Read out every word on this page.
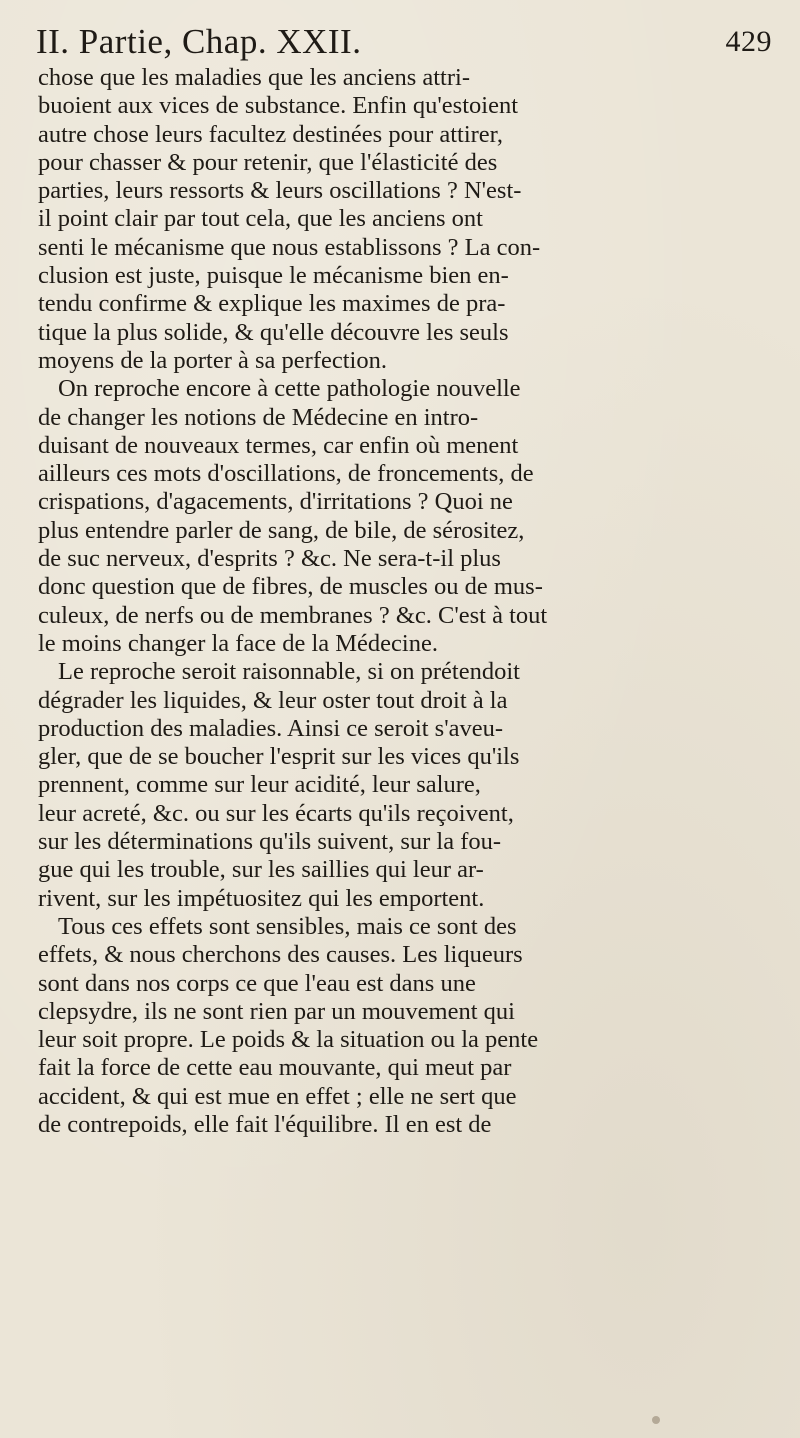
II. Partie, Chap. XXII.	429
chose que les maladies que les anciens attri-
buoient aux vices de substance. Enfin qu'estoient
autre chose leurs facultez destinées pour attirer,
pour chasser & pour retenir, que l'élasticité des
parties, leurs ressorts & leurs oscillations ? N'est-
il point clair par tout cela, que les anciens ont
senti le mécanisme que nous establissons ? La con-
clusion est juste, puisque le mécanisme bien en-
tendu confirme & explique les maximes de pra-
tique la plus solide, & qu'elle découvre les seuls
moyens de la porter à sa perfection.
On reproche encore à cette pathologie nouvelle
de changer les notions de Médecine en intro-
duisant de nouveaux termes, car enfin où menent
ailleurs ces mots d'oscillations, de froncements, de
crispations, d'agacements, d'irritations ? Quoi ne
plus entendre parler de sang, de bile, de sérositez,
de suc nerveux, d'esprits ? &c. Ne sera-t-il plus
donc question que de fibres, de muscles ou de mus-
culeux, de nerfs ou de membranes ? &c. C'est à tout
le moins changer la face de la Médecine.
Le reproche seroit raisonnable, si on prétendoit
dégrader les liquides, & leur oster tout droit à la
production des maladies. Ainsi ce seroit s'aveu-
gler, que de se boucher l'esprit sur les vices qu'ils
prennent, comme sur leur acidité, leur salure,
leur acreté, &c. ou sur les écarts qu'ils reçoivent,
sur les déterminations qu'ils suivent, sur la fou-
gue qui les trouble, sur les saillies qui leur ar-
rivent, sur les impétuositez qui les emportent.
Tous ces effets sont sensibles, mais ce sont des
effets, & nous cherchons des causes. Les liqueurs
sont dans nos corps ce que l'eau est dans une
clepsydre, ils ne sont rien par un mouvement qui
leur soit propre. Le poids & la situation ou la pente
fait la force de cette eau mouvante, qui meut par
accident, & qui est mue en effet ; elle ne sert que
de contrepoids, elle fait l'équilibre. Il en est de
